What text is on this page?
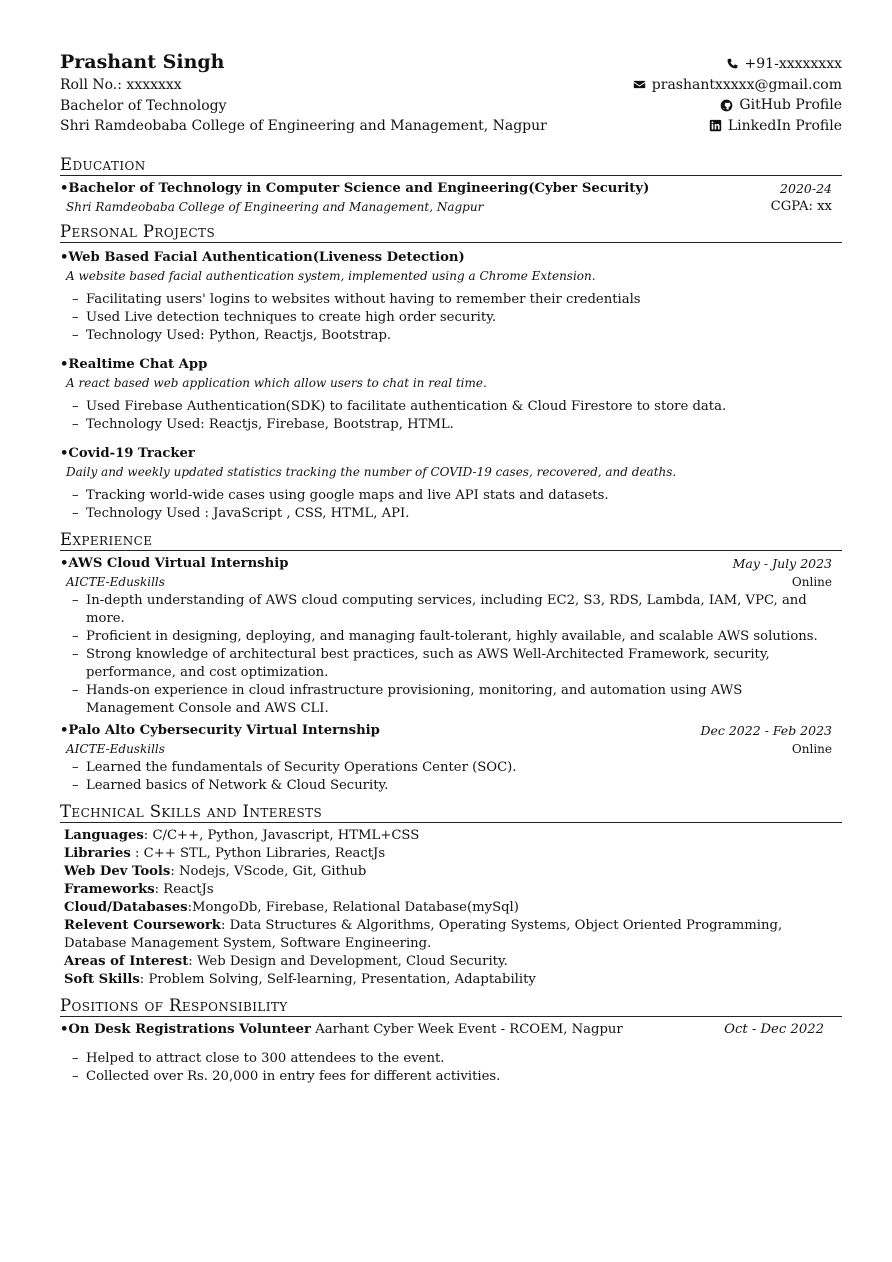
Prashant Singh
Roll No.: xxxxxxx
Bachelor of Technology
Shri Ramdeobaba College of Engineering and Management, Nagpur
+91-xxxxxxxx
prashantxxxxx@gmail.com
GitHub Profile
LinkedIn Profile
Education
•Bachelor of Technology in Computer Science and Engineering(Cyber Security)	2020-24
Shri Ramdeobaba College of Engineering and Management, Nagpur	CGPA: xx
Personal Projects
•Web Based Facial Authentication(Liveness Detection)
A website based facial authentication system, implemented using a Chrome Extension.
– Facilitating users' logins to websites without having to remember their credentials
– Used Live detection techniques to create high order security.
– Technology Used: Python, Reactjs, Bootstrap.
•Realtime Chat App
A react based web application which allow users to chat in real time.
– Used Firebase Authentication(SDK) to facilitate authentication & Cloud Firestore to store data.
– Technology Used: Reactjs, Firebase, Bootstrap, HTML.
•Covid-19 Tracker
Daily and weekly updated statistics tracking the number of COVID-19 cases, recovered, and deaths.
– Tracking world-wide cases using google maps and live API stats and datasets.
– Technology Used : JavaScript , CSS, HTML, API.
Experience
•AWS Cloud Virtual Internship	May - July 2023
AICTE-Eduskills	Online
– In-depth understanding of AWS cloud computing services, including EC2, S3, RDS, Lambda, IAM, VPC, and more.
– Proficient in designing, deploying, and managing fault-tolerant, highly available, and scalable AWS solutions.
– Strong knowledge of architectural best practices, such as AWS Well-Architected Framework, security, performance, and cost optimization.
– Hands-on experience in cloud infrastructure provisioning, monitoring, and automation using AWS Management Console and AWS CLI.
•Palo Alto Cybersecurity Virtual Internship	Dec 2022 - Feb 2023
AICTE-Eduskills	Online
– Learned the fundamentals of Security Operations Center (SOC).
– Learned basics of Network & Cloud Security.
Technical Skills and Interests
Languages: C/C++, Python, Javascript, HTML+CSS
Libraries : C++ STL, Python Libraries, ReactJs
Web Dev Tools: Nodejs, VScode, Git, Github
Frameworks: ReactJs
Cloud/Databases:MongoDb, Firebase, Relational Database(mySql)
Relevent Coursework: Data Structures & Algorithms, Operating Systems, Object Oriented Programming, Database Management System, Software Engineering.
Areas of Interest: Web Design and Development, Cloud Security.
Soft Skills: Problem Solving, Self-learning, Presentation, Adaptability
Positions of Responsibility
•On Desk Registrations Volunteer Aarhant Cyber Week Event - RCOEM, Nagpur	Oct - Dec 2022
– Helped to attract close to 300 attendees to the event.
– Collected over Rs. 20,000 in entry fees for different activities.
